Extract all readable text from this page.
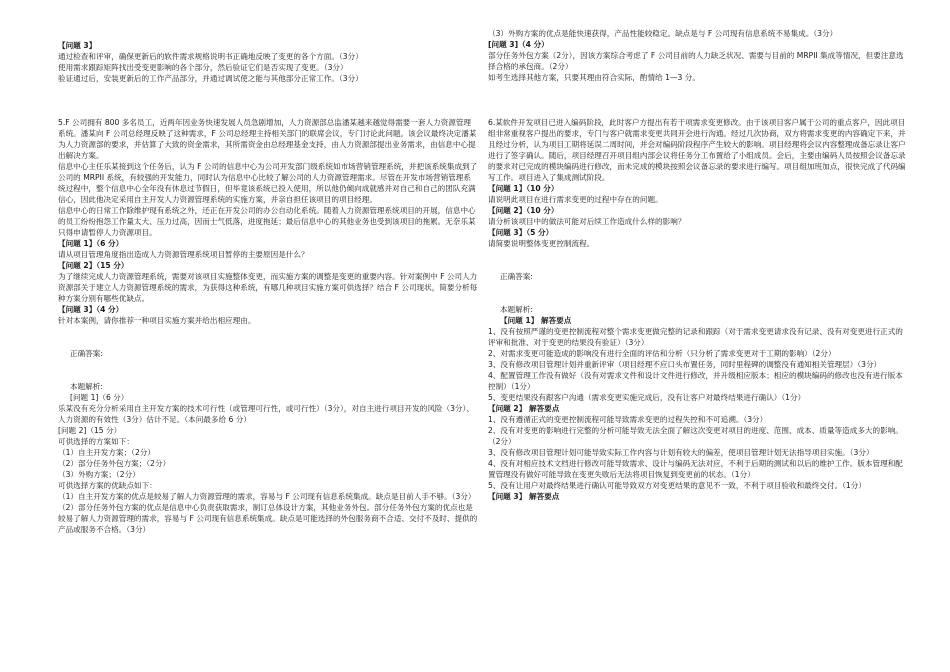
【问题 3】

通过检查和评审，确保更新后的软件需求规格说明书正确地反映了变更的各个方面。（3分）

使用需求跟踪矩阵找出受变更影响的各个部分，然后验证它们是否实现了变更。（3分）

验证通过后，安装更新后的工作产品部分，并通过调试使之能与其他部分正常工作。（3分）

5.F 公司拥有 800 多名员工，近两年因业务快速发展人员急剧增加，人力资源部总监潘某越来越觉得需要一套人力资源管理系统。潘某向 F 公司总经理反映了这种需求，F 公司总经理主持相关部门的联席会议，专门讨论此问题。该会议最终决定潘某为人力资源部的要求，并估算了大致的资金需求，其所需资金由总经理基金支持，由人力资源部提出业务需求，由信息中心提出解决方案。

信息中心主任乐某接到这个任务后，认为 F 公司的信息中心为公司开发部门级系统如市场营销管理系统，并把该系统集成到了公司的 MRPII 系统，有较强的开发能力，同时认为信息中心比较了解公司的人力资源管理需求。尽管在开发市场营销管理系统过程中，整个信息中心全年没有休息过节假日，但毕竟该系统已投入使用，所以他仍倾向成就感并对自己和自己的团队充满信心，因此他决定采用自主开发人力资源管理系统的实施方案，并亲自担任该项目的项目经理。

信息中心的日常工作除维护现有系统之外，还正在开发公司的办公自动化系统。随着人力资源管理系统项目的开展，信息中心的员工纷纷抱怨工作量太大、压力过高，因而士气低落，进度拖延；最后信息中心的其他业务也受到该项目的拖累。无奈乐某只得申请暂停人力资源项目。

【问题 1】（6 分）

请从项目管理角度指出造成人力资源管理系统项目暂停的主要原因是什么？

【问题 2】（15 分）

为了继续完成人力资源管理系统，需要对该项目实施整体变更，而实施方案的调整是变更的重要内容。针对案例中 F 公司人力资源部关于建立人力资源管理系统的需求，为获得这种系统，有哪几种项目实施方案可供选择？结合 F 公司现状，简要分析每种方案分别有哪些优缺点。

【问题 3】（4 分）

针对本案例，请你推荐一种项目实施方案并给出相应理由。

正确答案:

本题解析:

[问题 1]（6 分）

乐某没有充分分析采用自主开发方案的技术可行性（或管理可行性，或可行性）（3分），对自主进行项目开发的风险（3分）、人力资源的有效性（3分）估计不足。（本问最多给 6 分）

[问题 2]（15 分）

可供选择的方案如下：

（1）自主开发方案；（2分）

（2）部分任务外包方案；（2分）

（3）外购方案；（2分）

可供选择方案的优缺点如下：

（1）自主开发方案的优点是较易了解人力资源管理的需求，容易与 F 公司现有信息系统集成。缺点是目前人手不够。（3分）

（2）部分任务外包方案的优点是信息中心负责获取需求，制订总体设计方案，其他业务外包。部分任务外包方案的优点也是较易了解人力资源管理的需求，容易与 F 公司现有信息系统集成。缺点是可能选择的外包服务商不合适、交付不及时、提供的产品或服务不合格。（3分）

（3）外购方案的优点是能快速获得，产品性能较稳定。缺点是与 F 公司现有信息系统不易集成。（3分）

[问题 3]（4 分）

部分任务外包方案（2分），因该方案综合考虑了 F 公司目前的人力缺乏状况、需要与目前的 MRPII 集成等情况，但要注意选择合格的承包商。（2分）

如考生选择其他方案，只要其理由符合实际，酌情给 1—3 分。

6.某软件开发项目已进入编码阶段，此时客户方提出有若干项需求变更修改。由于该项目客户属于公司的重点客户，因此项目组非常重视客户提出的要求，专门与客户就需求变更共同开会进行沟通。经过几次协商，双方将需求变更的内容确定下来，并且经过分析，认为项目工期将延误二周时间，并会对编码阶段程序产生较大的影响。项目经理将会议内容整理成备忘录让客户进行了签字确认。随后，项目经理召开项目组内部会议将任务分工布置给了小组成员。会后，主要由编码人员按照会议备忘录的要求对已完成的模块编码进行修改，而未完成的模块按照会议备忘录的要求进行编写。项目组加班加点，很快完成了代码编写工作。项目进入了集成测试阶段。

【问题 1】（10 分）

请说明此项目在进行需求变更的过程中存在的问题。

【问题 2】（10 分）

请分析该项目中的做法可能对后续工作造成什么样的影响？

【问题 3】（5 分）

请简要说明整体变更控制流程。

正确答案:

本题解析:

【问题 1】 解答要点

1、没有按照严谨的变更控制流程对整个需求变更做完整的记录和跟踪（对于需求变更请求没有记录、没有对变更进行正式的评审和批准、对于变更的结果没有验证）（3分）

2、对需求变更可能造成的影响没有进行全面的评估和分析（只分析了需求变更对于工期的影响）（2分）

3、没有修改项目管理计划并重新评审（项目经理不应口头布置任务，同时里程碑的调整没有通知相关管理层）（3分）

4、配置管理工作没有做好（没有对需求文件和设计文件进行修改，并升级相应版本；相应的模块编码的修改也没有进行版本控制）（1分）

5、变更结果没有跟客户沟通（需求变更实施完成后，没有让客户对最终结果进行确认）（1分）

【问题 2】 解答要点

1、没有遵循正式的变更控制流程可能导致需求变更的过程失控和不可追溯。（3分）

2、没有对变更的影响进行完整的分析可能导致无法全面了解这次变更对项目的进度、范围、成本、质量等造成多大的影响。（2分）

3、没有修改项目管理计划可能导致实际工作内容与计划有较大的偏差，使项目管理计划无法指导项目实施。（3分）

4、没有对相应技术文档进行修改可能导致需求、设计与编码无法对应，不利于后期的测试和以后的维护工作。版本管理和配置管理没有做好可能导致在变更失败后无法将项目恢复到变更前的状态。（1分）

5、没有让用户对最终结果进行确认可能导致双方对变更结果的意见不一致，不利于项目验收和最终交付。（1分）

【问题 3】 解答要点
